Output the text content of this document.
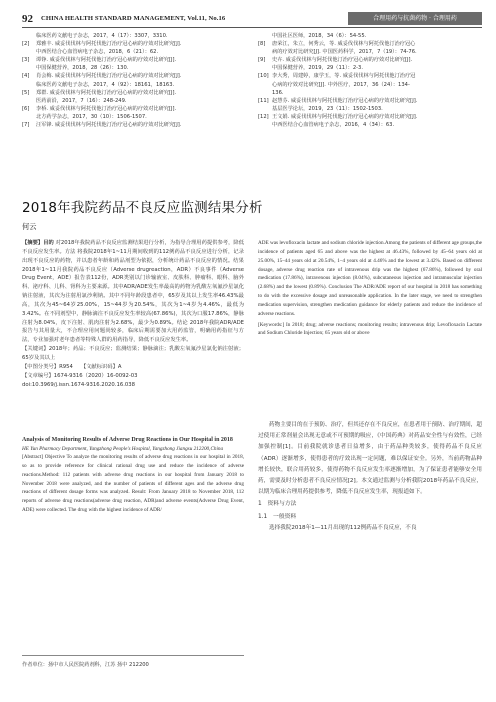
92 CHINA HEALTH STANDARD MANAGEMENT, Vol.11, No.16	合理用药与抗菌药物 · 合理用药
临床医药文献电子杂志，2017，4（17）：3307，3310.
[2]	郑雅丰. 威妥伐伐林与阿托伐他汀治疗冠心病的疗效对比研究[J].
中西医结合心血管病电子杂志，2018，6（21）：62.
[3]	谭铮. 威妥伐伐林与阿托伐他汀治疗冠心病的疗效对比研究[J].
中国保健营养，2018，28（26）：130.
[4]	肖会梅. 威妥伐伐林与阿托伐他汀治疗冠心病的疗效对比研究[J].
临床医药文献电子杂志，2017，4（92）：18161，18163.
[5]	郑群. 威妥伐伐林与阿托伐他汀治疗冠心病的疗效对比研究[J].
医药前沿，2017，7（16）：248-249.
[6]	李桥. 威妥伐伐林与阿托伐他汀治疗冠心病的疗效对比研究[J].
北方药学杂志，2017，30（10）：1506-1507.
[7]	汪军锋. 威妥伐伐林与阿托伐他汀治疗冠心病的疗效对比研究[J].
中国社区医师，2018，34（6）：54-55.
[8]	唐荣江，朱立，何秀云，等. 威妥伐伐林与阿托伐他汀治疗冠心
病的疗效对比研究[J]. 中国医药科学，2017，7（19）：74-76.
[9]	史卉. 威妥伐伐林与阿托伐他汀治疗冠心病的疗效对比研究[J].
中国保健营养，2019，29（11）：2-3.
[10] 李大秀，周建婷，康学玉，等. 威妥伐伐林与阿托伐他汀治疗冠
心病的疗效对比研究[J]. 中外医疗，2017，36（24）：134-
136.
[11] 赵慧芬. 威妥伐伐林与阿托伐他汀治疗冠心病的疗效对比研究[J].
基层医学论坛，2019，23（11）：1502-1503.
[12] 王文娟. 威妥伐伐林与阿托伐他汀治疗冠心病的疗效对比研究[J].
中西医结合心血管病电子杂志，2016，4（34）：63.
2018年我院药品不良反应监测结果分析
何云
【摘要】目的 对2018年我院药品不良反应监测结果进行分析，为指导合理用药提供参考，降低不良反应发生率。方法 将我院2018年1~11月期间收到的112例药品不良反应进行分析，记录出现不良反应的药物，并以患者年龄和药品剂型为依据，分析统计药品不良反应的情况。结果 2018年1~11月我院药品不良反应（Adverse drugreaction，ADR）不良事件（Adverse Drug Event，ADE）报告表112份，ADR类别以门诊输液室、皮肤科、肿瘤科、眼科、脑外科、泌疗科、儿科、肾科为主要来源。其中ADR/ADE发生率最高的药物为乳酸左氧氟沙星氯化钠注射液，其次为注射用氯沙利钠。其中不同年龄段患者中，65岁及其以上发生率46.43%最高，其次为45~64岁25.00%，15~44岁为20.54%，其次为1~4岁为4.46%，最低为3.42%。在不同剂型中，静脉滴注不良反应发生率较高(67.86%)，其次为口服17.86%，静脉注射为8.04%，皮下注射、肌肉注射为2.68%，最少为0.89%。结论 2018年我院ADR/ADE报告与其用量大，不合理应用问题尚较多，临床后期需要加大用药监管，明确用药指征与方法，专业加强对老年患者等特殊人群的用药指导，降低不良反应发生率。

【关键词】2018年；药品；不良反应；监测结果；静脉滴注；乳酸左氧氟沙星氯化钠注射液；65岁及其以上

【中图分类号】R954　　【文献标识码】A

【文章编号】1674-9316（2020）16-0092-03

doi:10.3969/j.issn.1674-9316.2020.16.038

Analysis of Monitoring Results of Adverse Drug Reactions in Our Hospital in 2018

HE Yun Pharmacy Department, Yangzhong People's Hospital, Yangzhong Jiangsu 212200,China

[Abstract] Objective To analyze the monitoring results of adverse drug reactions in our hospital in 2018, so as to provide reference for clinical rational drug use and reduce the incidence of adverse reactions.Method: 112 patients with adverse drug reactions in our hospital from January 2018 to November 2018 were analyzed, and the number of patients of different ages and the adverse drug reactions of different dosage forms was analyzed. Result: From January 2018 to November 2018, 112 reports of adverse drug reactions(adverse drug reaction, ADR)and adverse events(Adverse Drug Event, ADE) were collected. The drug with the highest incidence of ADR/

ADE was levofloxacin lactate and sodium chloride injection.Among the patients of different age groups,the incidence of patients aged 65 and above was the highest at 46.43%, followed by 45–64 years old at 25.00%, 15–44 years old at 20.54%, 1–4 years old at 4.46% and the lowest at 3.42%. Based on different dosage, adverse drug reaction rate of intravenous drip was the highest (67.86%), followed by oral medication (17.86%), intravenous injection (8.04%), subcutaneous injection and intramuscular injection (2.68%) and the lowest (0.89%). Conclusion The ADR/ADE report of our hospital in 2018 has something to do with the excessive dosage and unreasonable application. In the later stage, we need to strengthen medication supervision, strengthen medication guidance for elderly patients and reduce the incidence of adverse reactions.

[Keywords:] In 2018; drug; adverse reactions; monitoring results; intravenous drip; Levofloxacin Lactate and Sodium Chloride Injection; 65 years old or above

药物主要目的在于预防、治疗，但其还存在不良反应，在患者用于预防、治疗期间，超过使用正常剂量会出现无意或不可预期的吸应，《中国药典》对药品安全性与有效性，已经加强控制[1]。目前我院就诊患者日益增多，由于药品种类较多，使得药品不良反应（ADR）逐渐增多，使得患者的疗效出现一定问题，难以保证安全。另外，当前药物品种增长较快，联合用药较多，使得药物不良反应发生率逐渐增加，为了保证患者能够安全用药，需要及时分析患者不良反应情况[2]。本文通过监测与分析我院2018年药品不良反应，以期为临床合理用药提供参考，降低不良反应发生率，现报道如下。

1　资料与方法

1.1　一般资料

选择我院2018年1—11月出现的112例药品不良反应，不良

作者单位：扬中市人民医院药剂科，江苏 扬中 212200
